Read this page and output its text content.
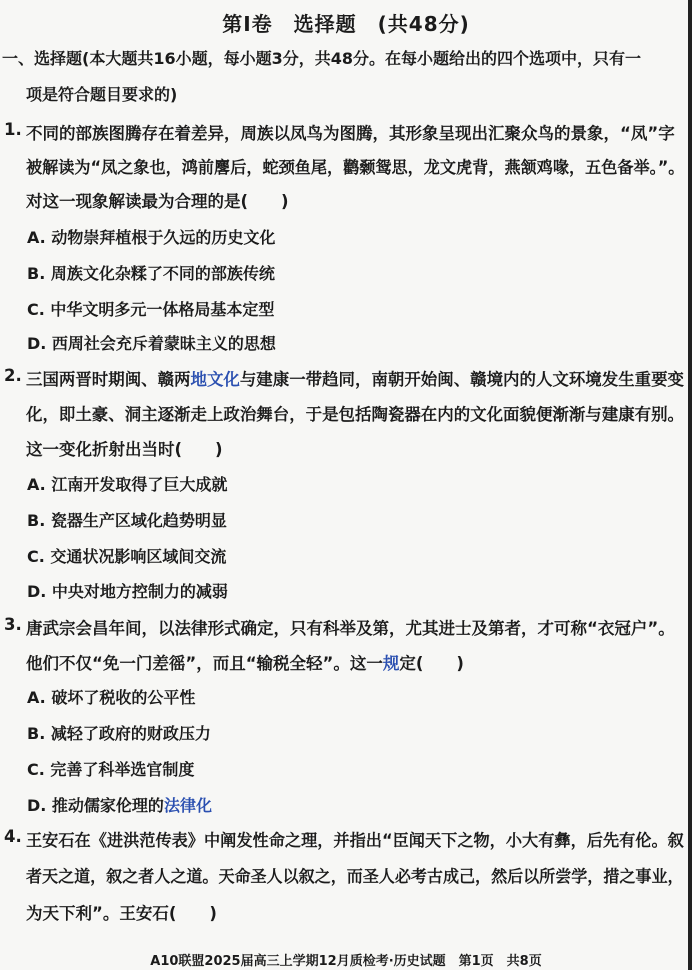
第Ⅰ卷　选择题　(共48分)
一、选择题(本大题共16小题，每小题3分，共48分。在每小题给出的四个选项中，只有一
项是符合题目要求的)
1. 不同的部族图腾存在着差异，周族以凤鸟为图腾，其形象呈现出汇聚众鸟的景象，“凤”字
被解读为“凤之象也，鸿前麐后，蛇颈鱼尾，鹳颡鸳思，龙文虎背，燕颔鸡喙，五色备举。”。
对这一现象解读最为合理的是(　　)
A. 动物崇拜植根于久远的历史文化
B. 周族文化杂糅了不同的部族传统
C. 中华文明多元一体格局基本定型
D. 西周社会充斥着蒙昧主义的思想
2. 三国两晋时期闽、赣两地文化与建康一带趋同，南朝开始闽、赣境内的人文环境发生重要变
化，即土豪、洞主逐渐走上政治舞台，于是包括陶瓷器在内的文化面貌便渐渐与建康有别。
这一变化折射出当时(　　)
A. 江南开发取得了巨大成就
B. 瓷器生产区域化趋势明显
C. 交通状况影响区域间交流
D. 中央对地方控制力的减弱
3. 唐武宗会昌年间，以法律形式确定，只有科举及第，尤其进士及第者，才可称“衣冠户”。
他们不仅“免一门差徭”，而且“输税全轻”。这一规定(　　)
A. 破坏了税收的公平性
B. 减轻了政府的财政压力
C. 完善了科举选官制度
D. 推动儒家伦理的法律化
4. 王安石在《进洪范传表》中阐发性命之理，并指出“臣闻天下之物，小大有彝，后先有伦。叙
者天之道，叙之者人之道。天命圣人以叙之，而圣人必考古成己，然后以所尝学，措之事业，
为天下利”。王安石(　　)
A10联盟2025届高三上学期12月质检考·历史试题　第1页　共8页
